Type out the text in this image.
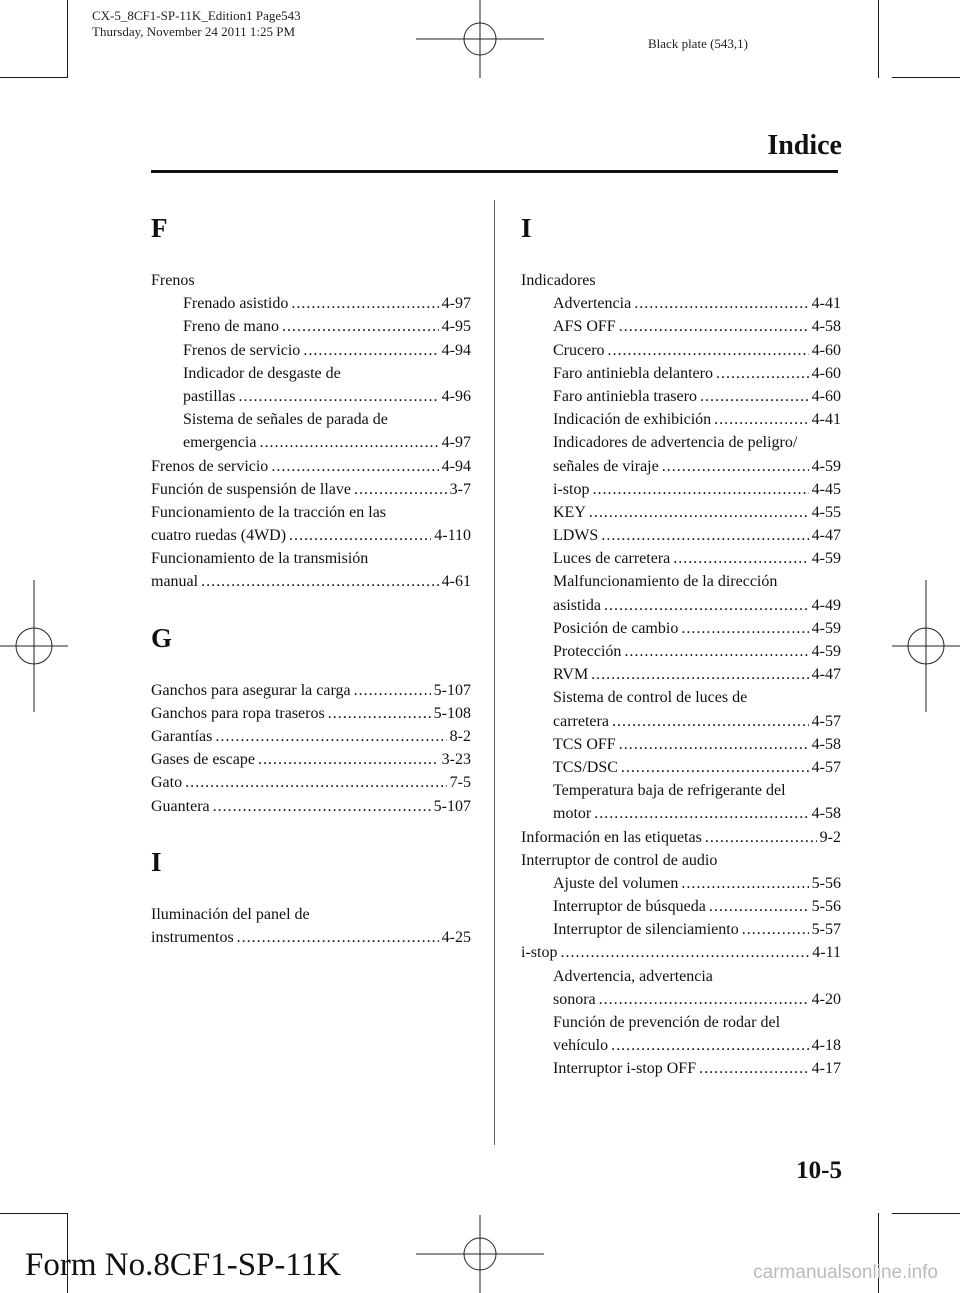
CX-5_8CF1-SP-11K_Edition1 Page543
Thursday, November 24 2011 1:25 PM
Black plate (543,1)
Indice
F
Frenos
Frenado asistido .....	4-97
Freno de mano .....	4-95
Frenos de servicio .....	4-94
Indicador de desgaste de
pastillas .....	4-96
Sistema de señales de parada de
emergencia .....	4-97
Frenos de servicio .....	4-94
Función de suspensión de llave .....	3-7
Funcionamiento de la tracción en las
cuatro ruedas (4WD) .....	4-110
Funcionamiento de la transmisión
manual .....	4-61
G
Ganchos para asegurar la carga .....	5-107
Ganchos para ropa traseros .....	5-108
Garantías .....	8-2
Gases de escape .....	3-23
Gato .....	7-5
Guantera .....	5-107
I
Iluminación del panel de
instrumentos .....	4-25
I
Indicadores
Advertencia .....	4-41
AFS OFF .....	4-58
Crucero .....	4-60
Faro antiniebla delantero .....	4-60
Faro antiniebla trasero .....	4-60
Indicación de exhibición .....	4-41
Indicadores de advertencia de peligro/
señales de viraje .....	4-59
i-stop .....	4-45
KEY .....	4-55
LDWS .....	4-47
Luces de carretera .....	4-59
Malfuncionamiento de la dirección
asistida .....	4-49
Posición de cambio .....	4-59
Protección .....	4-59
RVM .....	4-47
Sistema de control de luces de
carretera .....	4-57
TCS OFF .....	4-58
TCS/DSC .....	4-57
Temperatura baja de refrigerante del
motor .....	4-58
Información en las etiquetas .....	9-2
Interruptor de control de audio
Ajuste del volumen .....	5-56
Interruptor de búsqueda .....	5-56
Interruptor de silenciamiento .....	5-57
i-stop .....	4-11
Advertencia, advertencia
sonora .....	4-20
Función de prevención de rodar del
vehículo .....	4-18
Interruptor i-stop OFF .....	4-17
10-5
Form No.8CF1-SP-11K	carmanualsonline.info
